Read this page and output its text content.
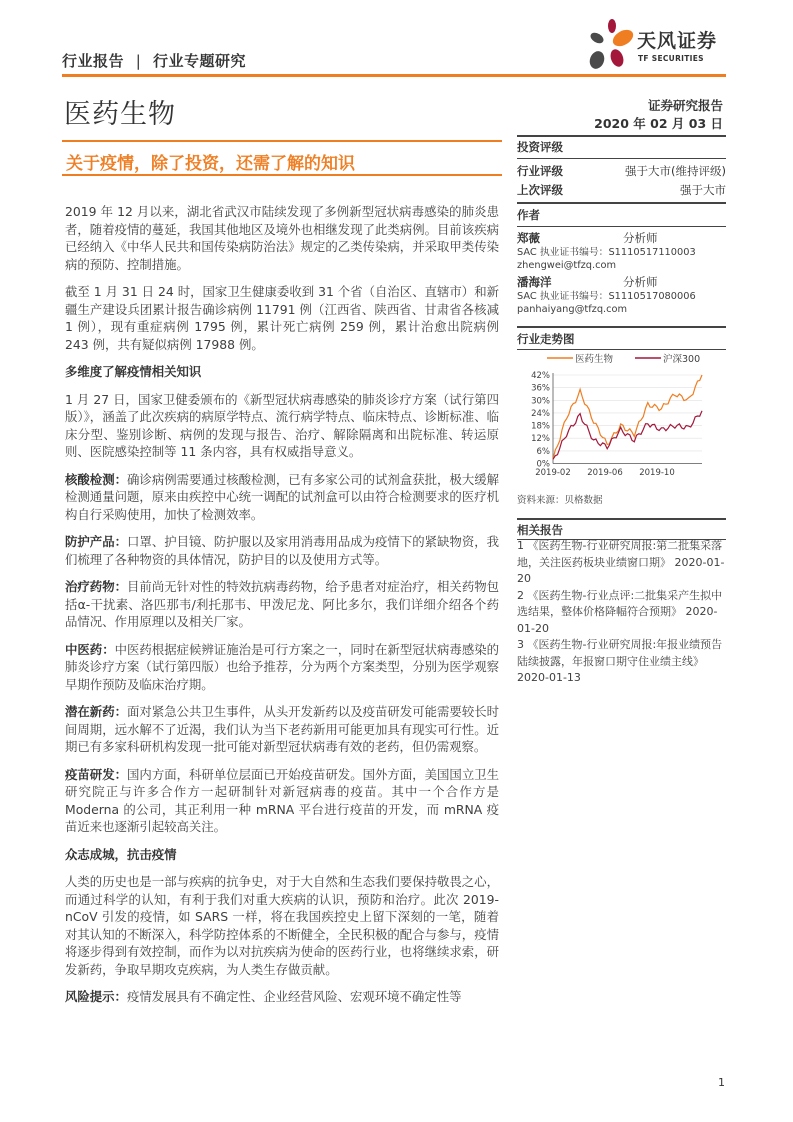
行业报告 | 行业专题研究
天风证券
TF SECURITIES
医药生物	证券研究报告
2020 年 02 月 03 日
关于疫情，除了投资，还需了解的知识

2019 年 12 月以来，湖北省武汉市陆续发现了多例新型冠状病毒感染的肺炎患者，随着疫情的蔓延，我国其他地区及境外也相继发现了此类病例。目前该疾病已经纳入《中华人民共和国传染病防治法》规定的乙类传染病，并采取甲类传染病的预防、控制措施。

截至 1 月 31 日 24 时，国家卫生健康委收到 31 个省（自治区、直辖市）和新疆生产建设兵团累计报告确诊病例 11791 例（江西省、陕西省、甘肃省各核减 1 例），现有重症病例 1795 例，累计死亡病例 259 例，累计治愈出院病例 243 例，共有疑似病例 17988 例。

多维度了解疫情相关知识

1 月 27 日，国家卫健委颁布的《新型冠状病毒感染的肺炎诊疗方案（试行第四版）》，涵盖了此次疾病的病原学特点、流行病学特点、临床特点、诊断标准、临床分型、鉴别诊断、病例的发现与报告、治疗、解除隔离和出院标准、转运原则、医院感染控制等 11 条内容，具有权威指导意义。

核酸检测：确诊病例需要通过核酸检测，已有多家公司的试剂盒获批，极大缓解检测通量问题，原来由疾控中心统一调配的试剂盒可以由符合检测要求的医疗机构自行采购使用，加快了检测效率。

防护产品：口罩、护目镜、防护服以及家用消毒用品成为疫情下的紧缺物资，我们梳理了各种物资的具体情况，防护目的以及使用方式等。

治疗药物：目前尚无针对性的特效抗病毒药物，给予患者对症治疗，相关药物包括α-干扰素、洛匹那韦/利托那韦、甲泼尼龙、阿比多尔，我们详细介绍各个药品情况、作用原理以及相关厂家。

中医药：中医药根据症候辨证施治是可行方案之一，同时在新型冠状病毒感染的肺炎诊疗方案（试行第四版）也给予推荐，分为两个方案类型，分别为医学观察早期作预防及临床治疗期。

潜在新药：面对紧急公共卫生事件，从头开发新药以及疫苗研发可能需要较长时间周期，远水解不了近渴，我们认为当下老药新用可能更加具有现实可行性。近期已有多家科研机构发现一批可能对新型冠状病毒有效的老药，但仍需观察。

疫苗研发：国内方面，科研单位层面已开始疫苗研发。国外方面，美国国立卫生研究院正与许多合作方一起研制针对新冠病毒的疫苗。其中一个合作方是 Moderna 的公司，其正利用一种 mRNA 平台进行疫苗的开发，而 mRNA 疫苗近来也逐渐引起较高关注。

众志成城，抗击疫情

人类的历史也是一部与疾病的抗争史，对于大自然和生态我们要保持敬畏之心，而通过科学的认知，有利于我们对重大疾病的认识，预防和治疗。此次 2019-nCoV 引发的疫情，如 SARS 一样，将在我国疾控史上留下深刻的一笔，随着对其认知的不断深入，科学防控体系的不断健全，全民积极的配合与参与，疫情将逐步得到有效控制，而作为以对抗疾病为使命的医药行业，也将继续求索，研发新药，争取早期攻克疾病，为人类生存做贡献。

风险提示：疫情发展具有不确定性、企业经营风险、宏观环境不确定性等

投资评级
行业评级	强于大市(维持评级)
上次评级	强于大市
作者
郑薇	分析师
SAC 执业证书编号：S1110517110003
zhengwei@tfzq.com
潘海洋	分析师
SAC 执业证书编号：S1110517080006
panhaiyang@tfzq.com
行业走势图
医药生物	沪深300
42%
36%
30%
24%
18%
12%
6%
0%
2019-02 2019-06 2019-10
资料来源：贝格数据
相关报告
1 《医药生物-行业研究周报:第二批集采落地，关注医药板块业绩窗口期》 2020-01-20
2 《医药生物-行业点评:二批集采产生拟中选结果，整体价格降幅符合预期》 2020-01-20
3 《医药生物-行业研究周报:年报业绩预告陆续披露，年报窗口期守住业绩主线》 2020-01-13
1
